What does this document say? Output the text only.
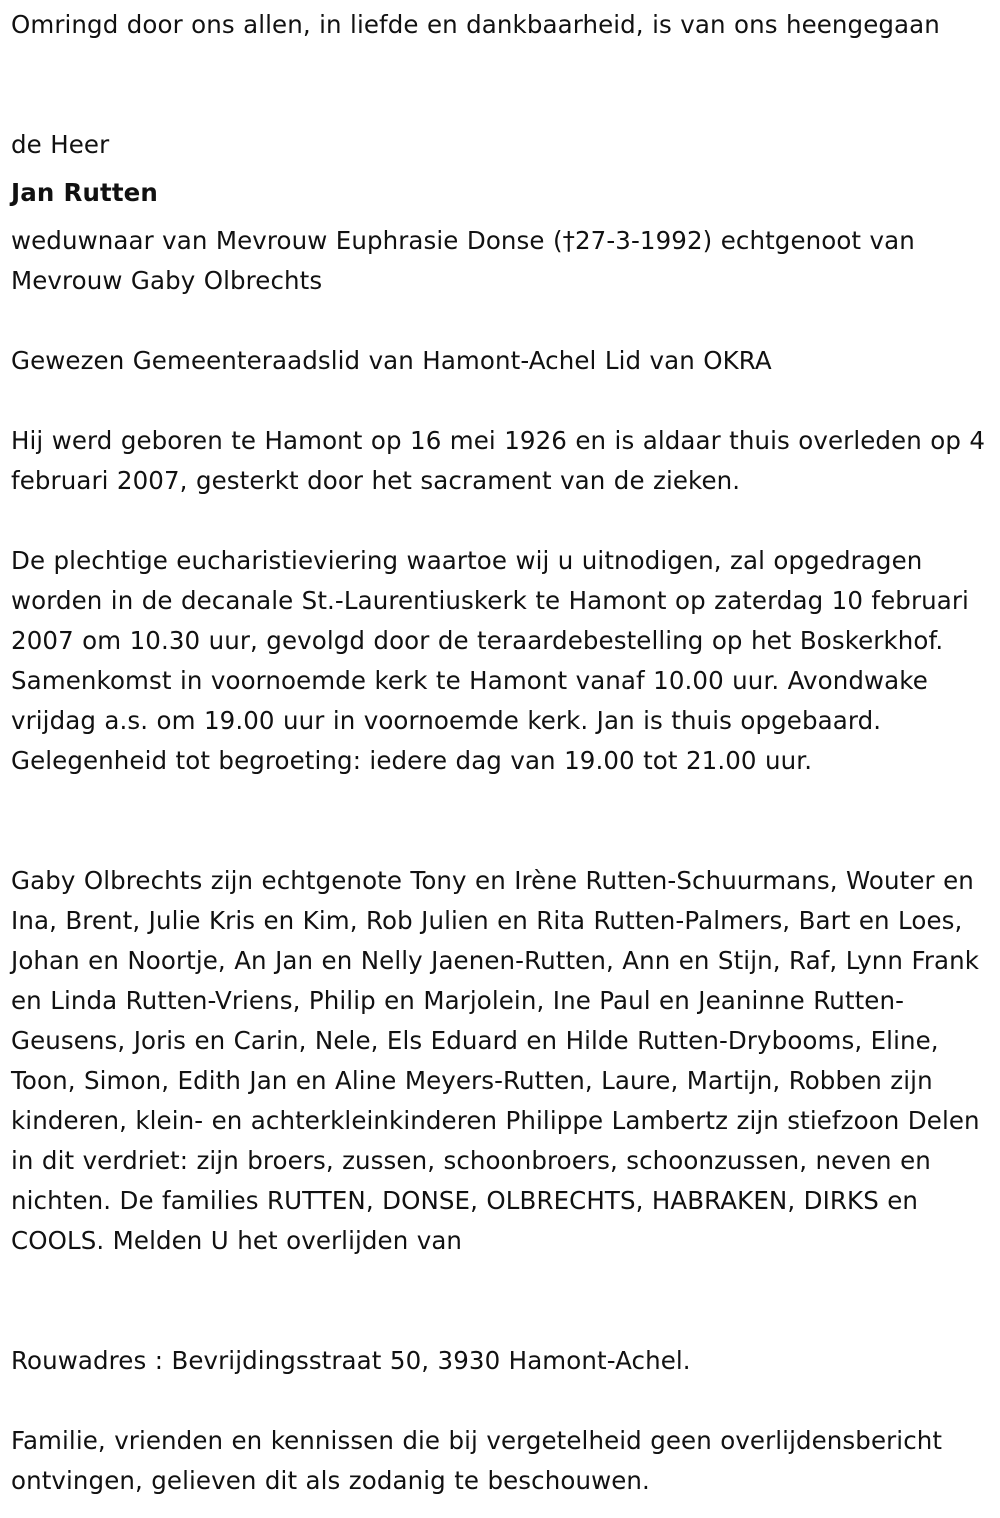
Omringd door ons allen, in liefde en dankbaarheid, is van ons heengegaan

de Heer

Jan Rutten

weduwnaar van Mevrouw Euphrasie Donse (†27-3-1992) echtgenoot van Mevrouw Gaby Olbrechts

Gewezen Gemeenteraadslid van Hamont-Achel Lid van OKRA

Hij werd geboren te Hamont op 16 mei 1926 en is aldaar thuis overleden op 4 februari 2007, gesterkt door het sacrament van de zieken.

De plechtige eucharistieviering waartoe wij u uitnodigen, zal opgedragen worden in de decanale St.-Laurentiuskerk te Hamont op zaterdag 10 februari 2007 om 10.30 uur, gevolgd door de teraardebestelling op het Boskerkhof. Samenkomst in voornoemde kerk te Hamont vanaf 10.00 uur. Avondwake vrijdag a.s. om 19.00 uur in voornoemde kerk. Jan is thuis opgebaard. Gelegenheid tot begroeting: iedere dag van 19.00 tot 21.00 uur.

Gaby Olbrechts zijn echtgenote Tony en Irène Rutten-Schuurmans, Wouter en Ina, Brent, Julie Kris en Kim, Rob Julien en Rita Rutten-Palmers, Bart en Loes, Johan en Noortje, An Jan en Nelly Jaenen-Rutten, Ann en Stijn, Raf, Lynn Frank en Linda Rutten-Vriens, Philip en Marjolein, Ine Paul en Jeaninne Rutten-Geusens, Joris en Carin, Nele, Els Eduard en Hilde Rutten-Drybooms, Eline, Toon, Simon, Edith Jan en Aline Meyers-Rutten, Laure, Martijn, Robben zijn kinderen, klein- en achterkleinkinderen Philippe Lambertz zijn stiefzoon Delen in dit verdriet: zijn broers, zussen, schoonbroers, schoonzussen, neven en nichten. De families RUTTEN, DONSE, OLBRECHTS, HABRAKEN, DIRKS en COOLS. Melden U het overlijden van

Rouwadres : Bevrijdingsstraat 50, 3930 Hamont-Achel.

Familie, vrienden en kennissen die bij vergetelheid geen overlijdensbericht ontvingen, gelieven dit als zodanig te beschouwen.
